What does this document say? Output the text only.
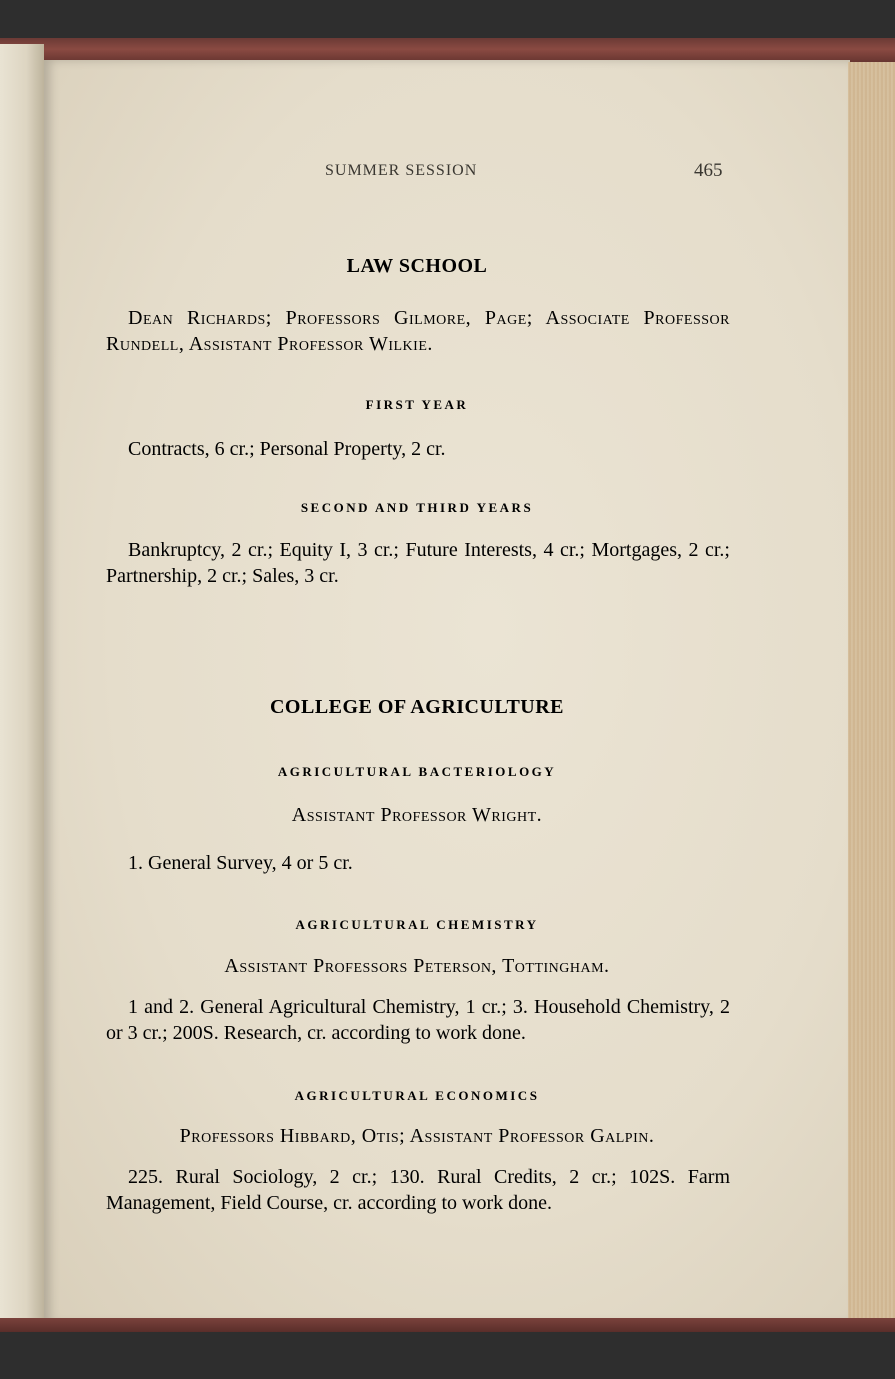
SUMMER SESSION	465
LAW SCHOOL

Dean Richards; Professors Gilmore, Page; Associate Professor Rundell, Assistant Professor Wilkie.

FIRST YEAR

Contracts, 6 cr.; Personal Property, 2 cr.

SECOND AND THIRD YEARS

Bankruptcy, 2 cr.; Equity I, 3 cr.; Future Interests, 4 cr.; Mortgages, 2 cr.; Partnership, 2 cr.; Sales, 3 cr.

COLLEGE OF AGRICULTURE
AGRICULTURAL BACTERIOLOGY
Assistant Professor Wright.

1. General Survey, 4 or 5 cr.

AGRICULTURAL CHEMISTRY
Assistant Professors Peterson, Tottingham.

1 and 2. General Agricultural Chemistry, 1 cr.; 3. Household Chemistry, 2 or 3 cr.; 200S. Research, cr. according to work done.

AGRICULTURAL ECONOMICS
Professors Hibbard, Otis; Assistant Professor Galpin.

225. Rural Sociology, 2 cr.; 130. Rural Credits, 2 cr.; 102S. Farm Management, Field Course, cr. according to work done.
